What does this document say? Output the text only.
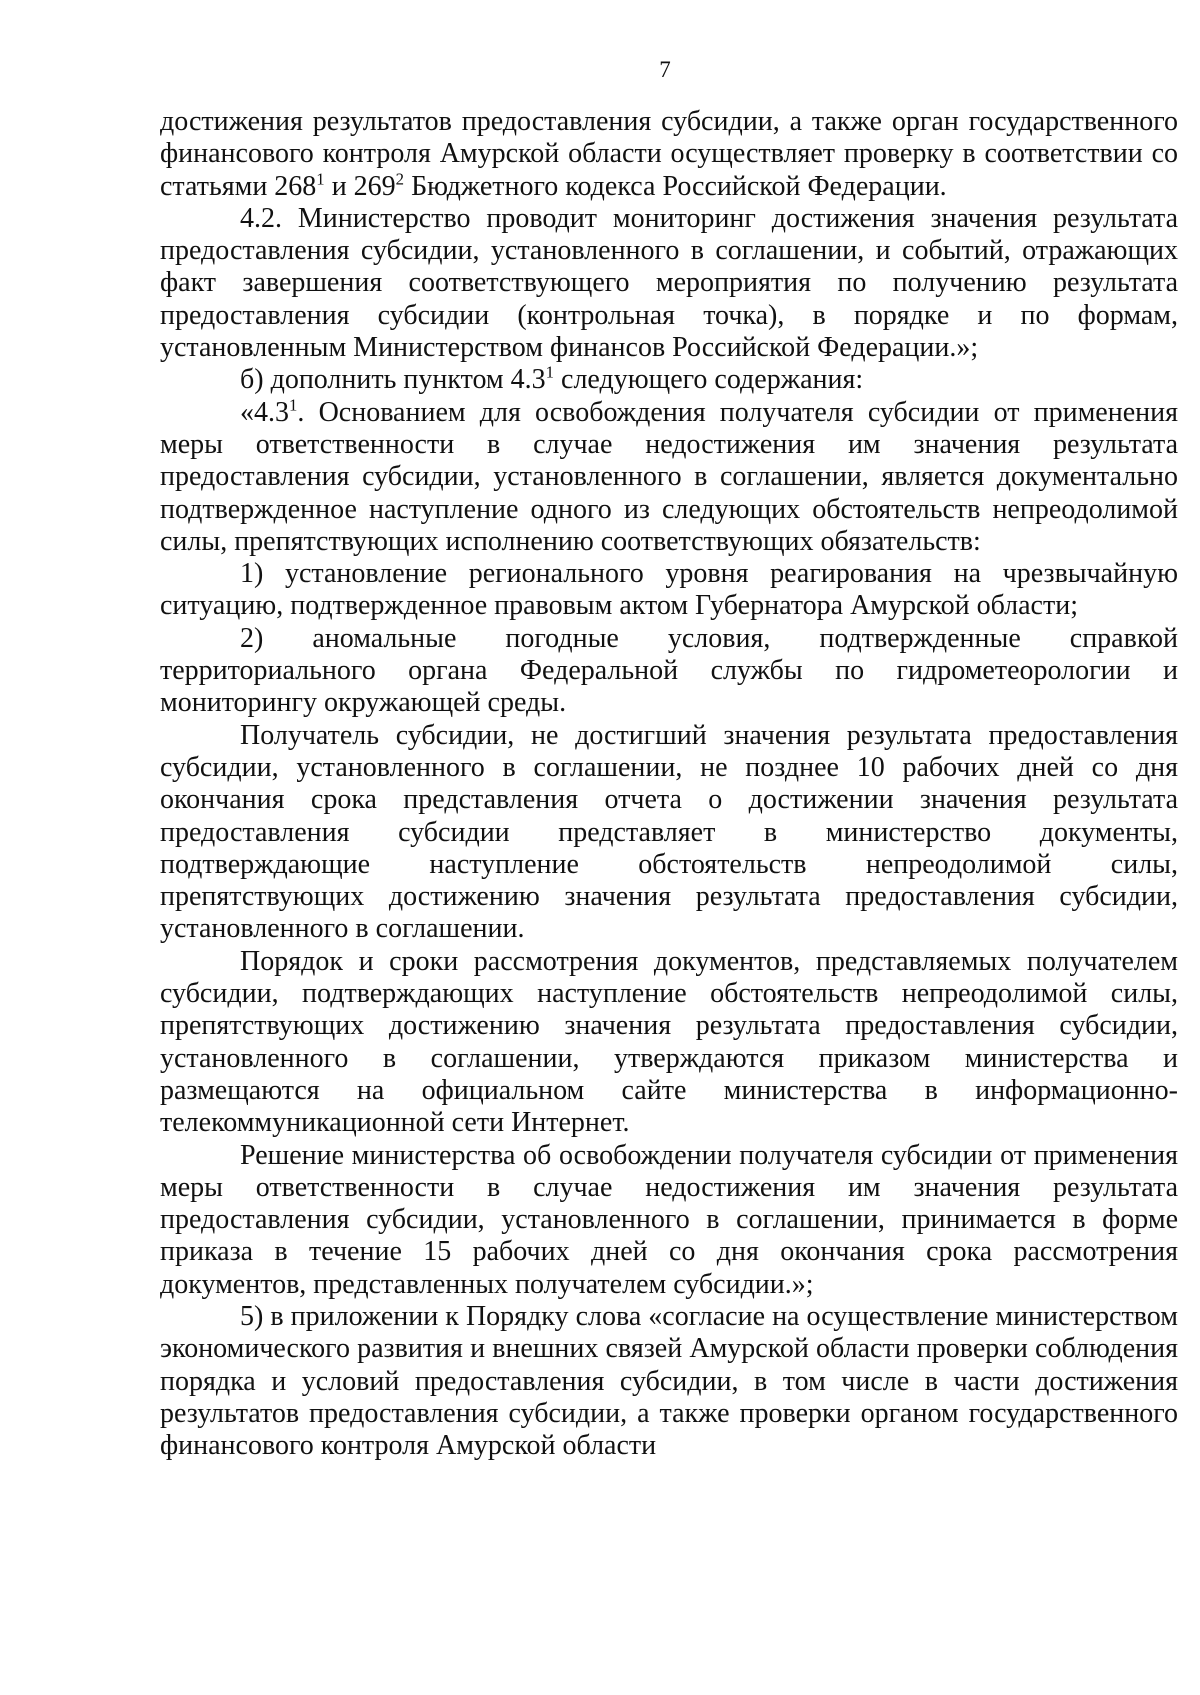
7

достижения результатов предоставления субсидии, а также орган государственного финансового контроля Амурской области осуществляет проверку в соответствии со статьями $268^1$ и $269^2$ Бюджетного кодекса Российской Федерации.

4.2. Министерство проводит мониторинг достижения значения результата предоставления субсидии, установленного в соглашении, и событий, отражающих факт завершения соответствующего мероприятия по получению результата предоставления субсидии (контрольная точка), в порядке и по формам, установленным Министерством финансов Российской Федерации.»;

б) дополнить пунктом $4.3^1$ следующего содержания:

«$4.3^1$. Основанием для освобождения получателя субсидии от применения меры ответственности в случае недостижения им значения результата предоставления субсидии, установленного в соглашении, является документально подтвержденное наступление одного из следующих обстоятельств непреодолимой силы, препятствующих исполнению соответствующих обязательств:

1) установление регионального уровня реагирования на чрезвычайную ситуацию, подтвержденное правовым актом Губернатора Амурской области;

2) аномальные погодные условия, подтвержденные справкой территориального органа Федеральной службы по гидрометеорологии и мониторингу окружающей среды.

Получатель субсидии, не достигший значения результата предоставления субсидии, установленного в соглашении, не позднее 10 рабочих дней со дня окончания срока представления отчета о достижении значения результата предоставления субсидии представляет в министерство документы, подтверждающие наступление обстоятельств непреодолимой силы, препятствующих достижению значения результата предоставления субсидии, установленного в соглашении.

Порядок и сроки рассмотрения документов, представляемых получателем субсидии, подтверждающих наступление обстоятельств непреодолимой силы, препятствующих достижению значения результата предоставления субсидии, установленного в соглашении, утверждаются приказом министерства и размещаются на официальном сайте министерства в информационно-телекоммуникационной сети Интернет.

Решение министерства об освобождении получателя субсидии от применения меры ответственности в случае недостижения им значения результата предоставления субсидии, установленного в соглашении, принимается в форме приказа в течение 15 рабочих дней со дня окончания срока рассмотрения документов, представленных получателем субсидии.»;

5) в приложении к Порядку слова «согласие на осуществление министерством экономического развития и внешних связей Амурской области проверки соблюдения порядка и условий предоставления субсидии, в том числе в части достижения результатов предоставления субсидии, а также проверки органом государственного финансового контроля Амурской области
